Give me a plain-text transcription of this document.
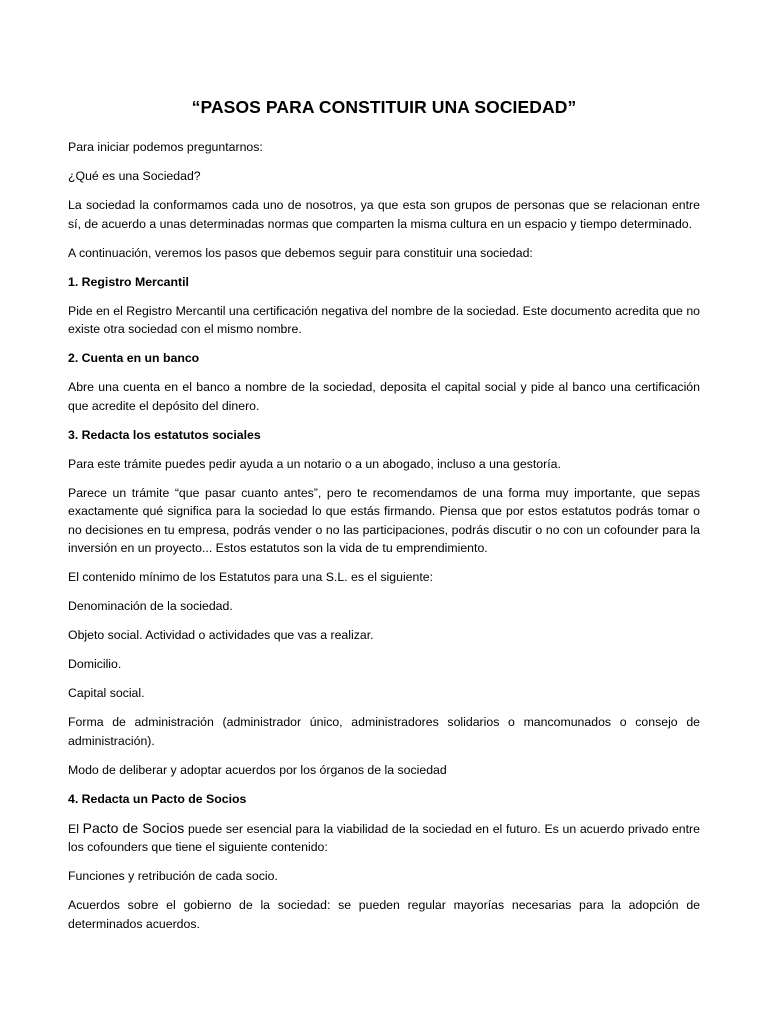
“PASOS PARA CONSTITUIR UNA SOCIEDAD”

Para iniciar podemos preguntarnos:

¿Qué es una Sociedad?

La sociedad la conformamos cada uno de nosotros, ya que esta son grupos de personas que se relacionan entre sí, de acuerdo a unas determinadas normas que comparten la misma cultura en un espacio y tiempo determinado.

A continuación, veremos los pasos que debemos seguir para constituir una sociedad:

1. Registro Mercantil

Pide en el Registro Mercantil una certificación negativa del nombre de la sociedad. Este documento acredita que no existe otra sociedad con el mismo nombre.

2. Cuenta en un banco

Abre una cuenta en el banco a nombre de la sociedad, deposita el capital social y pide al banco una certificación que acredite el depósito del dinero.

3. Redacta los estatutos sociales

Para este trámite puedes pedir ayuda a un notario o a un abogado, incluso a una gestoría.

Parece un trámite “que pasar cuanto antes”, pero te recomendamos de una forma muy importante, que sepas exactamente qué significa para la sociedad lo que estás firmando. Piensa que por estos estatutos podrás tomar o no decisiones en tu empresa, podrás vender o no las participaciones, podrás discutir o no con un cofounder para la inversión en un proyecto... Estos estatutos son la vida de tu emprendimiento.

El contenido mínimo de los Estatutos para una S.L. es el siguiente:

Denominación de la sociedad.

Objeto social. Actividad o actividades que vas a realizar.

Domicilio.

Capital social.

Forma de administración (administrador único, administradores solidarios o mancomunados o consejo de administración).

Modo de deliberar y adoptar acuerdos por los órganos de la sociedad

4. Redacta un Pacto de Socios

El Pacto de Socios puede ser esencial para la viabilidad de la sociedad en el futuro. Es un acuerdo privado entre los cofounders que tiene el siguiente contenido:

Funciones y retribución de cada socio.

Acuerdos sobre el gobierno de la sociedad: se pueden regular mayorías necesarias para la adopción de determinados acuerdos.
